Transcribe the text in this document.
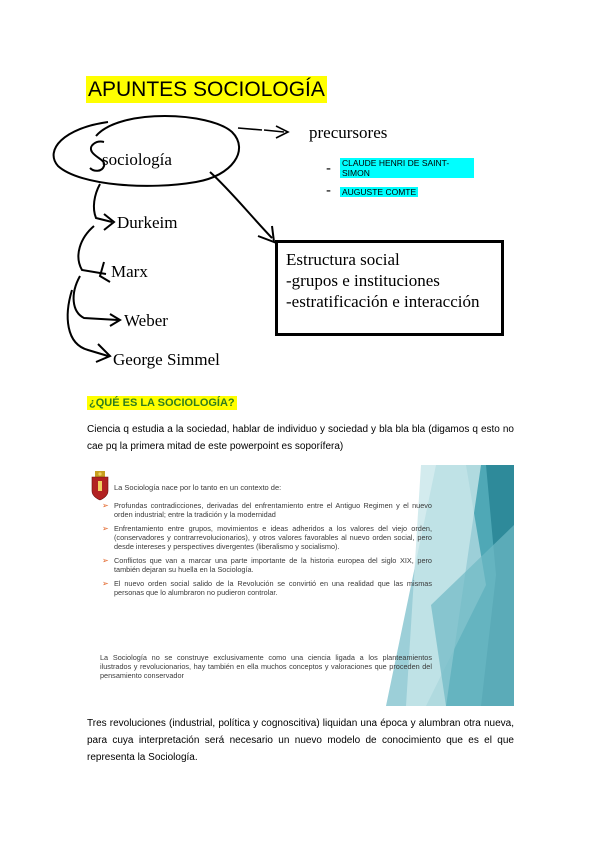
APUNTES SOCIOLOGÍA
precursores
sociología	- CLAUDE HENRI DE SAINT-SIMON
- AUGUSTE COMTE
Durkeim
Marx
Weber
George Simmel
Estructura social
-grupos e instituciones
-estratificación e interacción
¿QUÉ ES LA SOCIOLOGÍA?
Ciencia q estudia a la sociedad, hablar de individuo y sociedad y bla bla bla (digamos q esto no cae pq la primera mitad de este powerpoint es soporífera)
La Sociología nace por lo tanto en un contexto de:
➢ Profundas contradicciones, derivadas del enfrentamiento entre el Antiguo Regimen y el nuevo orden industrial; entre la tradición y la modernidad
➢ Enfrentamiento entre grupos, movimientos e ideas adheridos a los valores del viejo orden, (conservadores y contrarrevolucionarios), y otros valores favorables al nuevo orden social, pero desde intereses y perspectives divergentes (liberalismo y socialismo).
➢ Conflictos que van a marcar una parte importante de la historia europea del siglo XIX, pero también dejaran su huella en la Sociología.
➢ El nuevo orden social salido de la Revolución se convirtió en una realidad que las mismas personas que lo alumbraron no pudieron controlar.
La Sociología no se construye exclusivamente como una ciencia ligada a los planteamientos ilustrados y revolucionarios, hay también en ella muchos conceptos y valoraciones que proceden del pensamiento conservador
Tres revoluciones (industrial, política y cognoscitiva) liquidan una época y alumbran otra nueva, para cuya interpretación será necesario un nuevo modelo de conocimiento que es el que representa la Sociología.
